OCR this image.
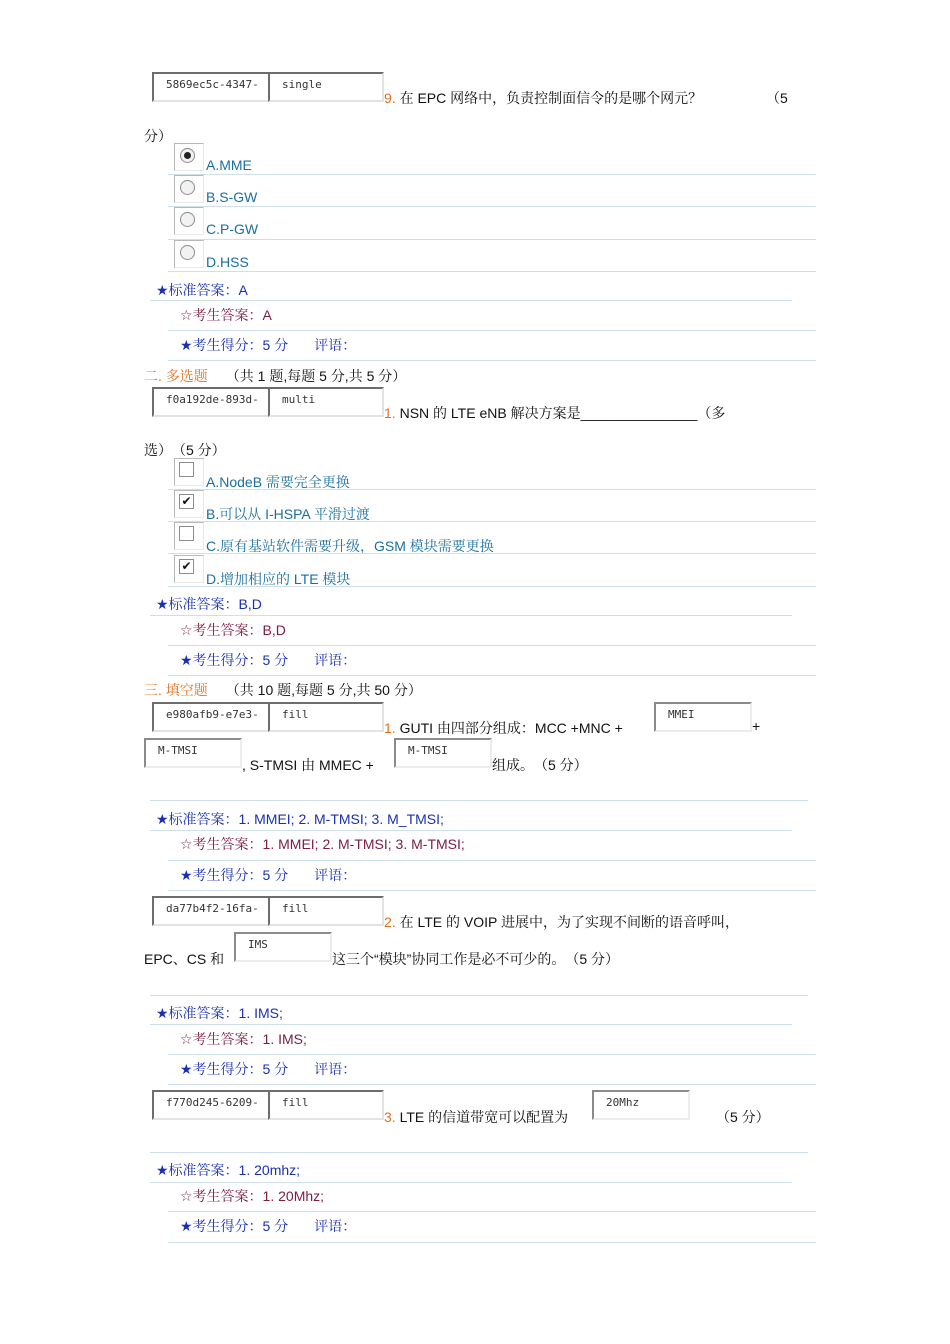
5869ec5c-4347-	single
9. 在 EPC 网络中，负责控制面信令的是哪个网元？	（5
分）
A.MME
B.S-GW
C.P-GW
D.HSS
★标准答案：A
☆考生答案：A
★考生得分：5 分 评语：
二. 多选题 （共 1 题,每题 5 分,共 5 分）
f0a192de-893d-	multi
1. NSN 的 LTE eNB 解决方案是_______________（多
选）　（5 分）
A.NodeB 需要完全更换
✔
B.可以从 I-HSPA 平滑过渡
C.原有基站软件需要升级，GSM 模块需要更换
✔
D.增加相应的 LTE 模块
★标准答案：B,D
☆考生答案：B,D
★考生得分：5 分 评语：
三. 填空题 （共 10 题,每题 5 分,共 50 分）
e980afb9-e7e3-	fill
1. GUTI 由四部分组成：MCC +MNC +
MMEI
+
M-TMSI
, S-TMSI 由 MMEC +
M-TMSI
组成。　（5 分）
★标准答案：1. MMEI; 2. M-TMSI; 3. M_TMSI;
☆考生答案：1. MMEI; 2. M-TMSI; 3. M-TMSI;
★考生得分：5 分 评语：
da77b4f2-16fa-	fill
2. 在 LTE 的 VOIP 进展中，为了实现不间断的语音呼叫，
EPC、CS 和
IMS
这三个“模块”协同工作是必不可少的。　（5 分）
★标准答案：1. IMS;
☆考生答案：1. IMS;
★考生得分：5 分 评语：
f770d245-6209-	fill
3. LTE 的信道带宽可以配置为
20Mhz
（5 分）
★标准答案：1. 20mhz;
☆考生答案：1. 20Mhz;
★考生得分：5 分 评语：
